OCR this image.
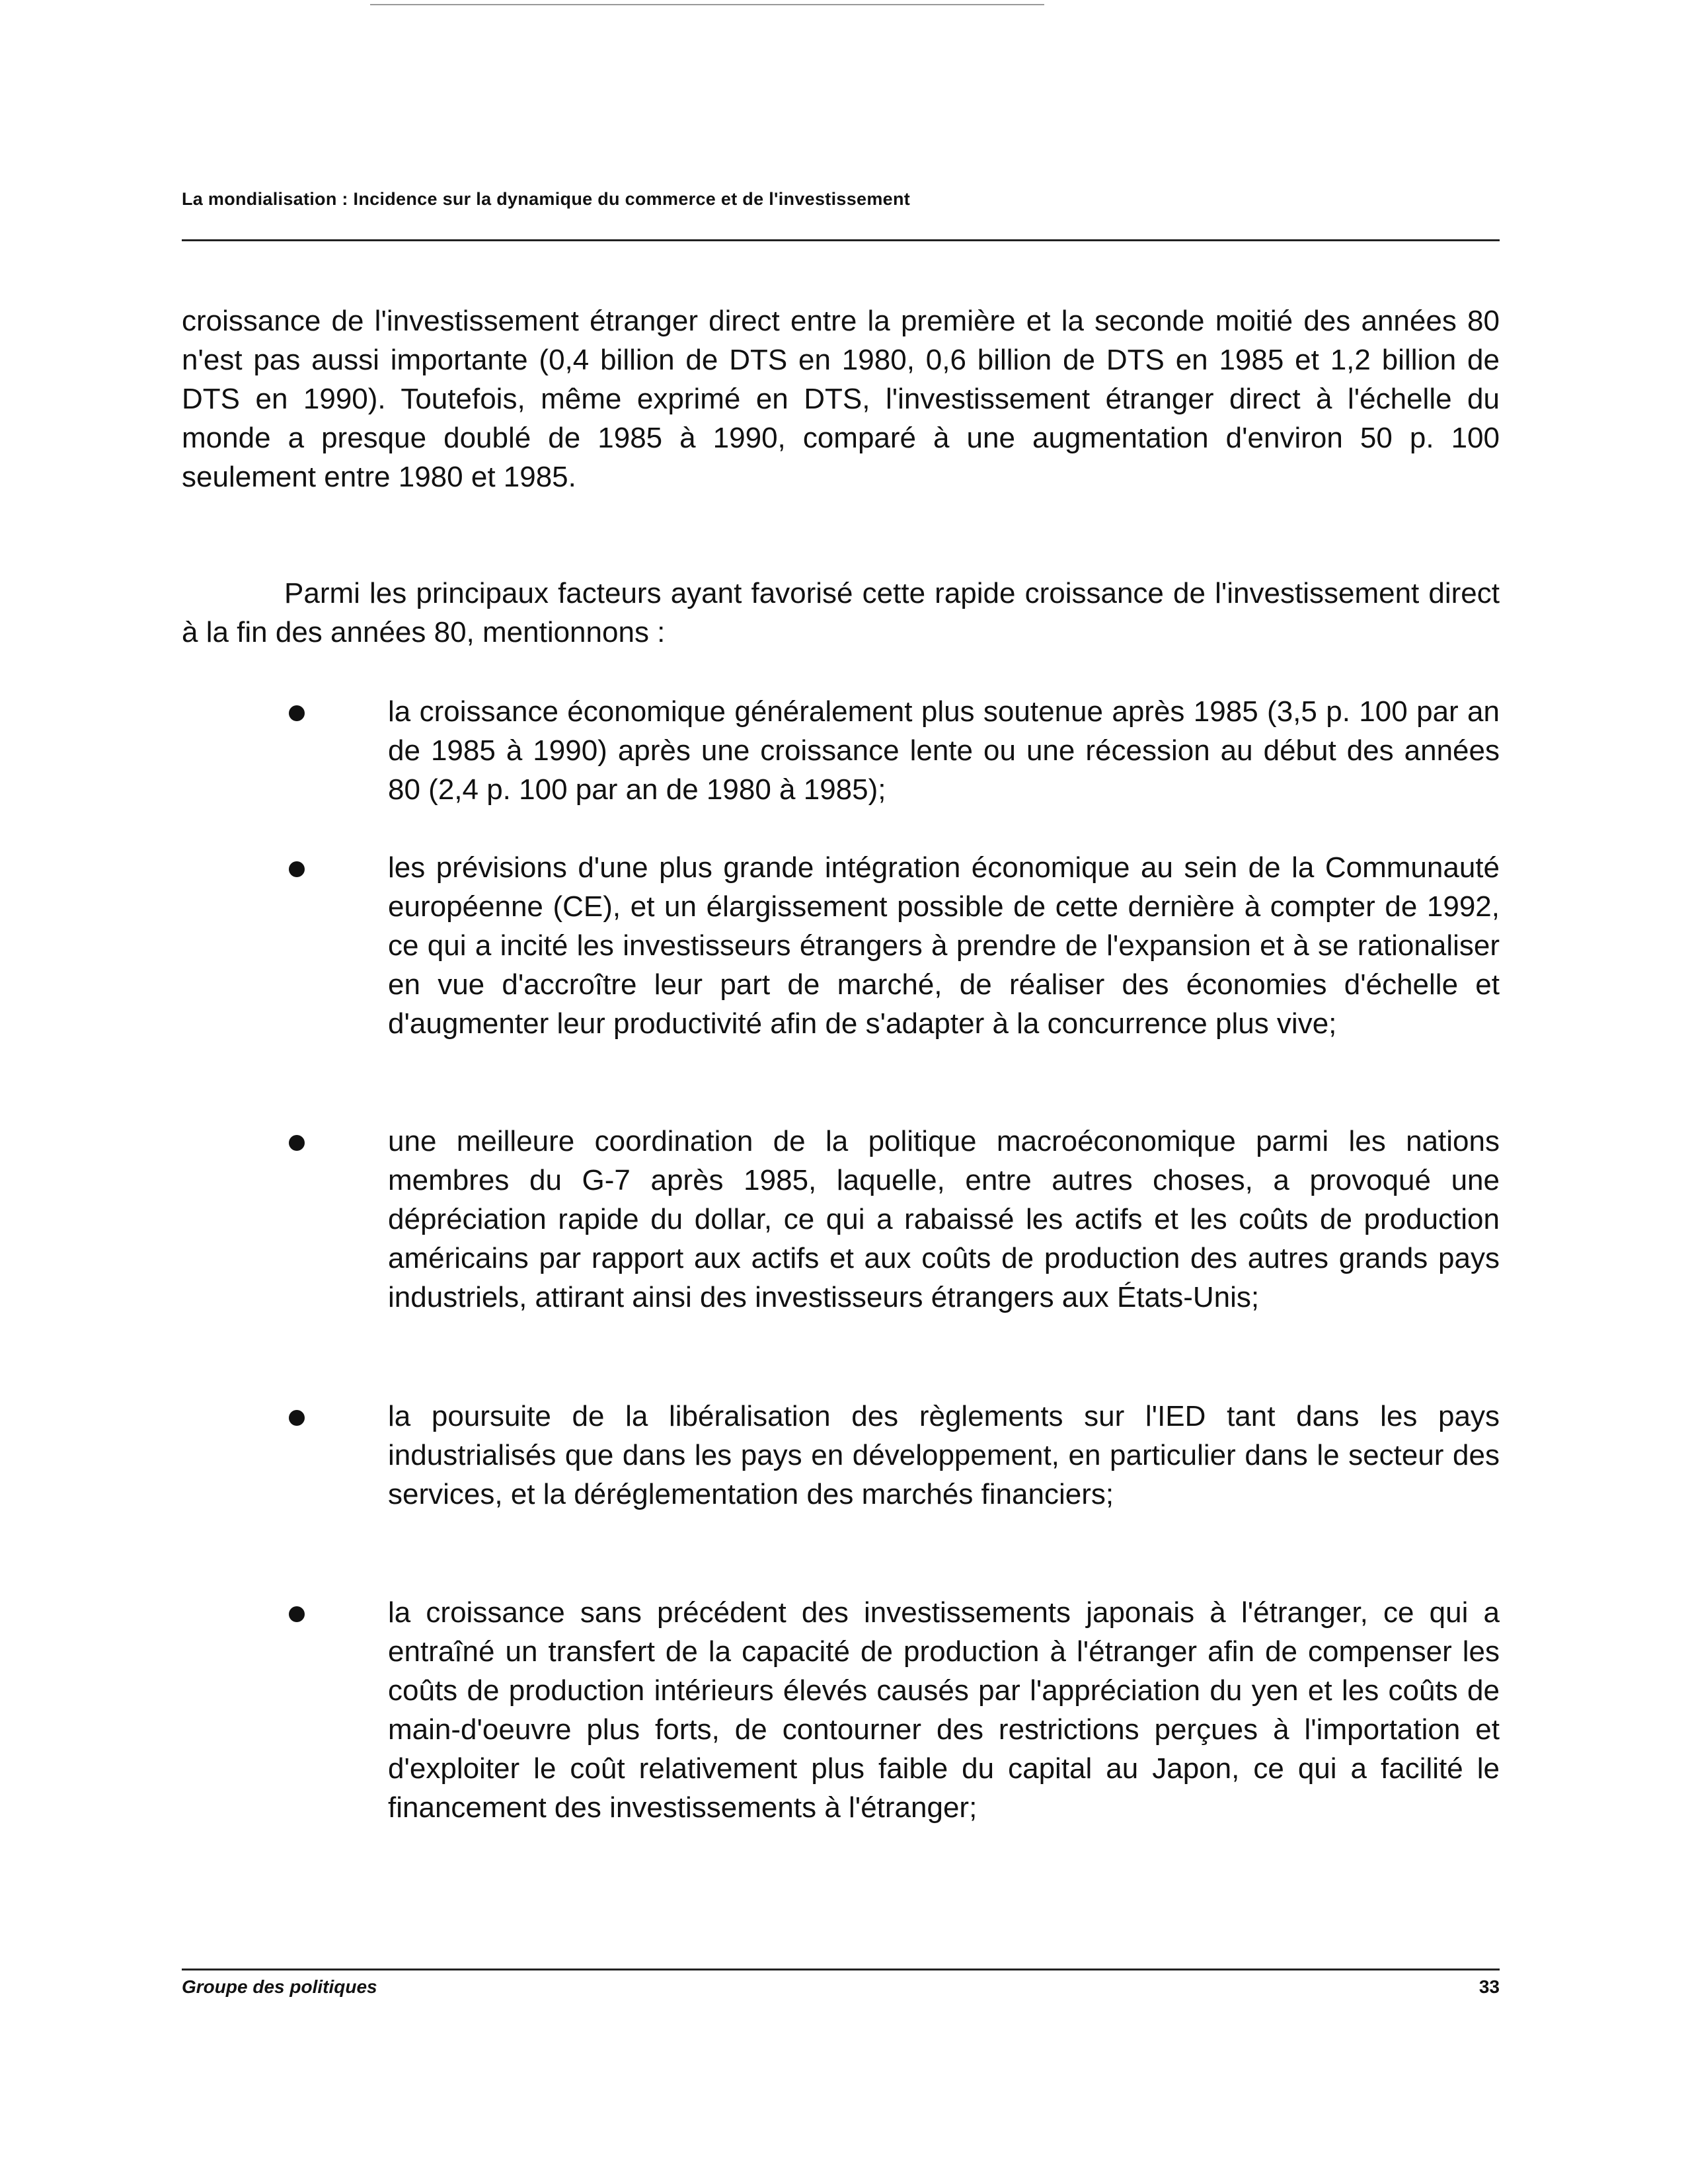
La mondialisation : Incidence sur la dynamique du commerce et de l'investissement

croissance de l'investissement étranger direct entre la première et la seconde moitié des années 80 n'est pas aussi importante (0,4 billion de DTS en 1980, 0,6 billion de DTS en 1985 et 1,2 billion de DTS en 1990). Toutefois, même exprimé en DTS, l'investissement étranger direct à l'échelle du monde a presque doublé de 1985 à 1990, comparé à une augmentation d'environ 50 p. 100 seulement entre 1980 et 1985.

Parmi les principaux facteurs ayant favorisé cette rapide croissance de l'investissement direct à la fin des années 80, mentionnons :

la croissance économique généralement plus soutenue après 1985 (3,5 p. 100 par an de 1985 à 1990) après une croissance lente ou une récession au début des années 80 (2,4 p. 100 par an de 1980 à 1985);
les prévisions d'une plus grande intégration économique au sein de la Communauté européenne (CE), et un élargissement possible de cette dernière à compter de 1992, ce qui a incité les investisseurs étrangers à prendre de l'expansion et à se rationaliser en vue d'accroître leur part de marché, de réaliser des économies d'échelle et d'augmenter leur productivité afin de s'adapter à la concurrence plus vive;
une meilleure coordination de la politique macroéconomique parmi les nations membres du G-7 après 1985, laquelle, entre autres choses, a provoqué une dépréciation rapide du dollar, ce qui a rabaissé les actifs et les coûts de production américains par rapport aux actifs et aux coûts de production des autres grands pays industriels, attirant ainsi des investisseurs étrangers aux États-Unis;
la poursuite de la libéralisation des règlements sur l'IED tant dans les pays industrialisés que dans les pays en développement, en particulier dans le secteur des services, et la déréglementation des marchés financiers;
la croissance sans précédent des investissements japonais à l'étranger, ce qui a entraîné un transfert de la capacité de production à l'étranger afin de compenser les coûts de production intérieurs élevés causés par l'appréciation du yen et les coûts de main-d'oeuvre plus forts, de contourner des restrictions perçues à l'importation et d'exploiter le coût relativement plus faible du capital au Japon, ce qui a facilité le financement des investissements à l'étranger;
Groupe des politiques	33
